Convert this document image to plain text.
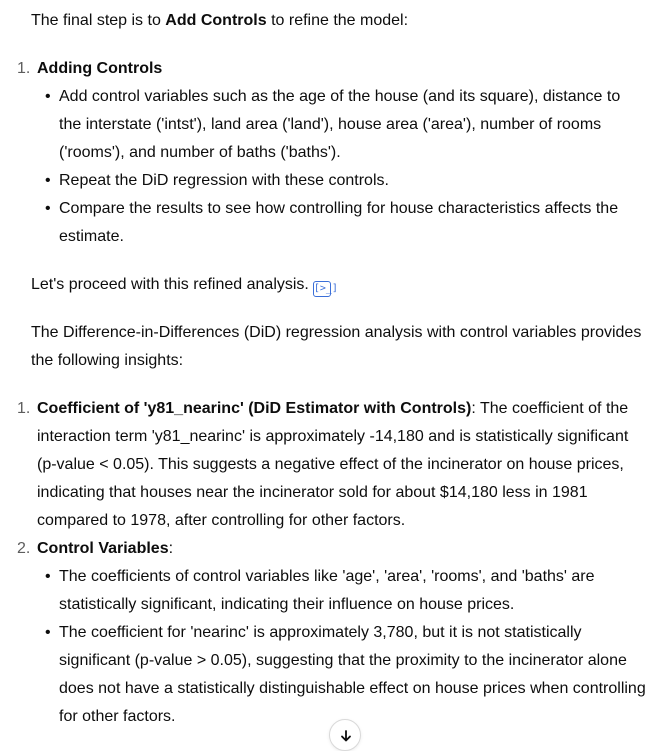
The final step is to Add Controls to refine the model:

1. Adding Controls
• Add control variables such as the age of the house (and its square), distance to the interstate ('intst'), land area ('land'), house area ('area'), number of rooms ('rooms'), and number of baths ('baths').
• Repeat the DiD regression with these controls.
• Compare the results to see how controlling for house characteristics affects the estimate.

Let's proceed with this refined analysis. [>_]

The Difference-in-Differences (DiD) regression analysis with control variables provides the following insights:

1. Coefficient of 'y81_nearinc' (DiD Estimator with Controls): The coefficient of the interaction term 'y81_nearinc' is approximately -14,180 and is statistically significant (p-value < 0.05). This suggests a negative effect of the incinerator on house prices, indicating that houses near the incinerator sold for about $14,180 less in 1981 compared to 1978, after controlling for other factors.
2. Control Variables:
• The coefficients of control variables like 'age', 'area', 'rooms', and 'baths' are statistically significant, indicating their influence on house prices.
• The coefficient for 'nearinc' is approximately 3,780, but it is not statistically significant (p-value > 0.05), suggesting that the proximity to the incinerator alone does not have a statistically distinguishable effect on house prices when controlling for other factors.
